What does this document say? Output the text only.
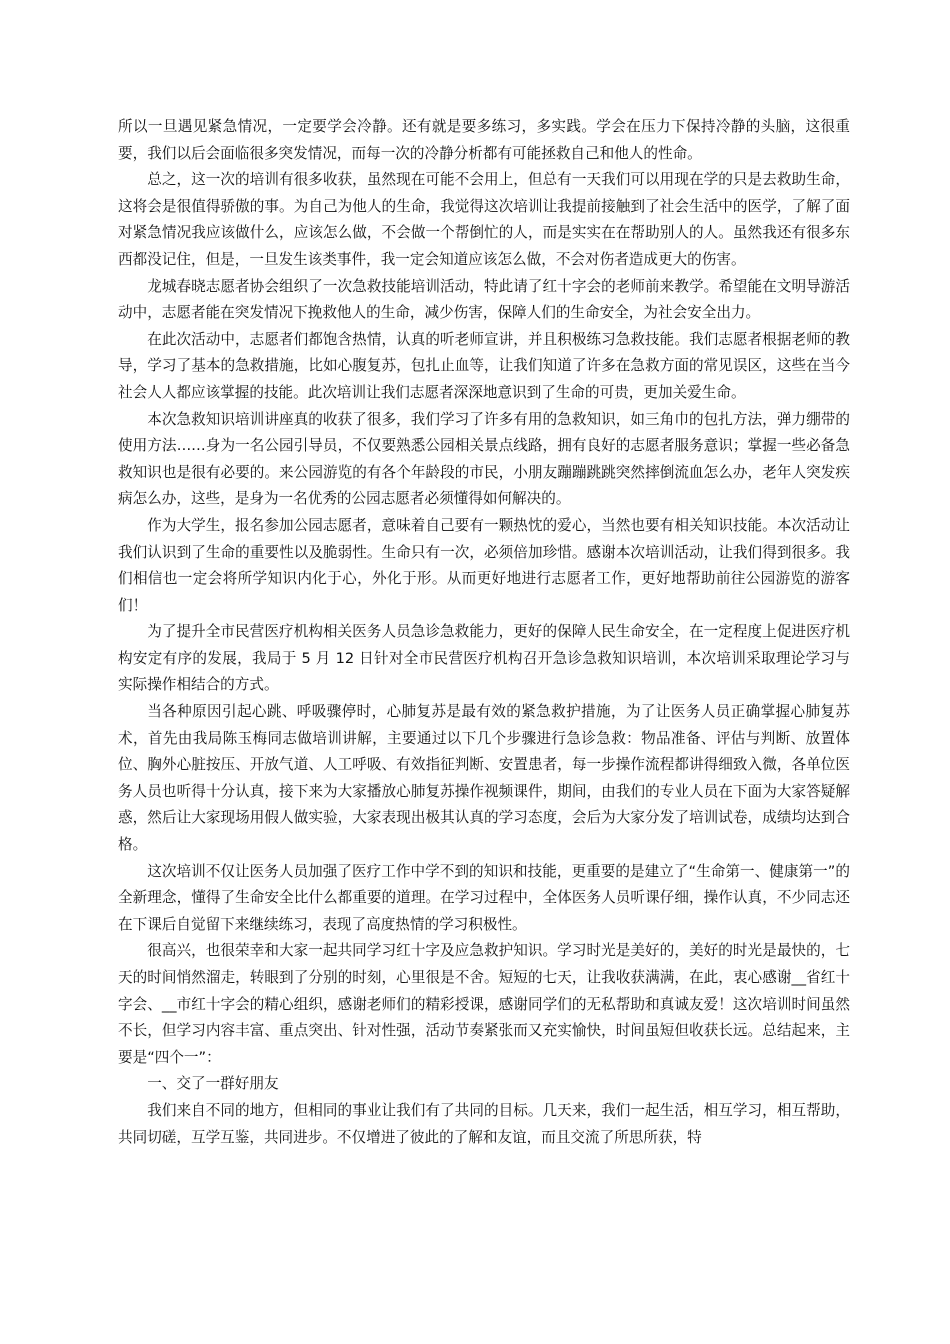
所以一旦遇见紧急情况，一定要学会冷静。还有就是要多练习，多实践。学会在压力下保持冷静的头脑，这很重要，我们以后会面临很多突发情况，而每一次的冷静分析都有可能拯救自己和他人的性命。

总之，这一次的培训有很多收获，虽然现在可能不会用上，但总有一天我们可以用现在学的只是去救助生命，这将会是很值得骄傲的事。为自己为他人的生命，我觉得这次培训让我提前接触到了社会生活中的医学，了解了面对紧急情况我应该做什么，应该怎么做，不会做一个帮倒忙的人，而是实实在在帮助别人的人。虽然我还有很多东西都没记住，但是，一旦发生该类事件，我一定会知道应该怎么做，不会对伤者造成更大的伤害。

龙城春晓志愿者协会组织了一次急救技能培训活动，特此请了红十字会的老师前来教学。希望能在文明导游活动中，志愿者能在突发情况下挽救他人的生命，减少伤害，保障人们的生命安全，为社会安全出力。

在此次活动中，志愿者们都饱含热情，认真的听老师宣讲，并且积极练习急救技能。我们志愿者根据老师的教导，学习了基本的急救措施，比如心腹复苏，包扎止血等，让我们知道了许多在急救方面的常见误区，这些在当今社会人人都应该掌握的技能。此次培训让我们志愿者深深地意识到了生命的可贵，更加关爱生命。

本次急救知识培训讲座真的收获了很多，我们学习了许多有用的急救知识，如三角巾的包扎方法，弹力绷带的使用方法……身为一名公园引导员，不仅要熟悉公园相关景点线路，拥有良好的志愿者服务意识；掌握一些必备急救知识也是很有必要的。来公园游览的有各个年龄段的市民，小朋友蹦蹦跳跳突然摔倒流血怎么办，老年人突发疾病怎么办，这些，是身为一名优秀的公园志愿者必须懂得如何解决的。

作为大学生，报名参加公园志愿者，意味着自己要有一颗热忱的爱心，当然也要有相关知识技能。本次活动让我们认识到了生命的重要性以及脆弱性。生命只有一次，必须倍加珍惜。感谢本次培训活动，让我们得到很多。我们相信也一定会将所学知识内化于心，外化于形。从而更好地进行志愿者工作，更好地帮助前往公园游览的游客们！

为了提升全市民营医疗机构相关医务人员急诊急救能力，更好的保障人民生命安全，在一定程度上促进医疗机构安定有序的发展，我局于 5 月 12 日针对全市民营医疗机构召开急诊急救知识培训，本次培训采取理论学习与实际操作相结合的方式。

当各种原因引起心跳、呼吸骤停时，心肺复苏是最有效的紧急救护措施，为了让医务人员正确掌握心肺复苏术，首先由我局陈玉梅同志做培训讲解，主要通过以下几个步骤进行急诊急救：物品准备、评估与判断、放置体位、胸外心脏按压、开放气道、人工呼吸、有效指征判断、安置患者，每一步操作流程都讲得细致入微，各单位医务人员也听得十分认真，接下来为大家播放心肺复苏操作视频课件，期间，由我们的专业人员在下面为大家答疑解惑，然后让大家现场用假人做实验，大家表现出极其认真的学习态度，会后为大家分发了培训试卷，成绩均达到合格。

这次培训不仅让医务人员加强了医疗工作中学不到的知识和技能，更重要的是建立了“生命第一、健康第一”的全新理念，懂得了生命安全比什么都重要的道理。在学习过程中，全体医务人员听课仔细，操作认真，不少同志还在下课后自觉留下来继续练习，表现了高度热情的学习积极性。

很高兴，也很荣幸和大家一起共同学习红十字及应急救护知识。学习时光是美好的，美好的时光是最快的，七天的时间悄然溜走，转眼到了分别的时刻，心里很是不舍。短短的七天，让我收获满满，在此，衷心感谢__省红十字会、__市红十字会的精心组织，感谢老师们的精彩授课，感谢同学们的无私帮助和真诚友爱！这次培训时间虽然不长，但学习内容丰富、重点突出、针对性强，活动节奏紧张而又充实愉快，时间虽短但收获长远。总结起来，主要是“四个一”：

一、交了一群好朋友

我们来自不同的地方，但相同的事业让我们有了共同的目标。几天来，我们一起生活，相互学习，相互帮助，共同切磋，互学互鉴，共同进步。不仅增进了彼此的了解和友谊，而且交流了所思所获，特
